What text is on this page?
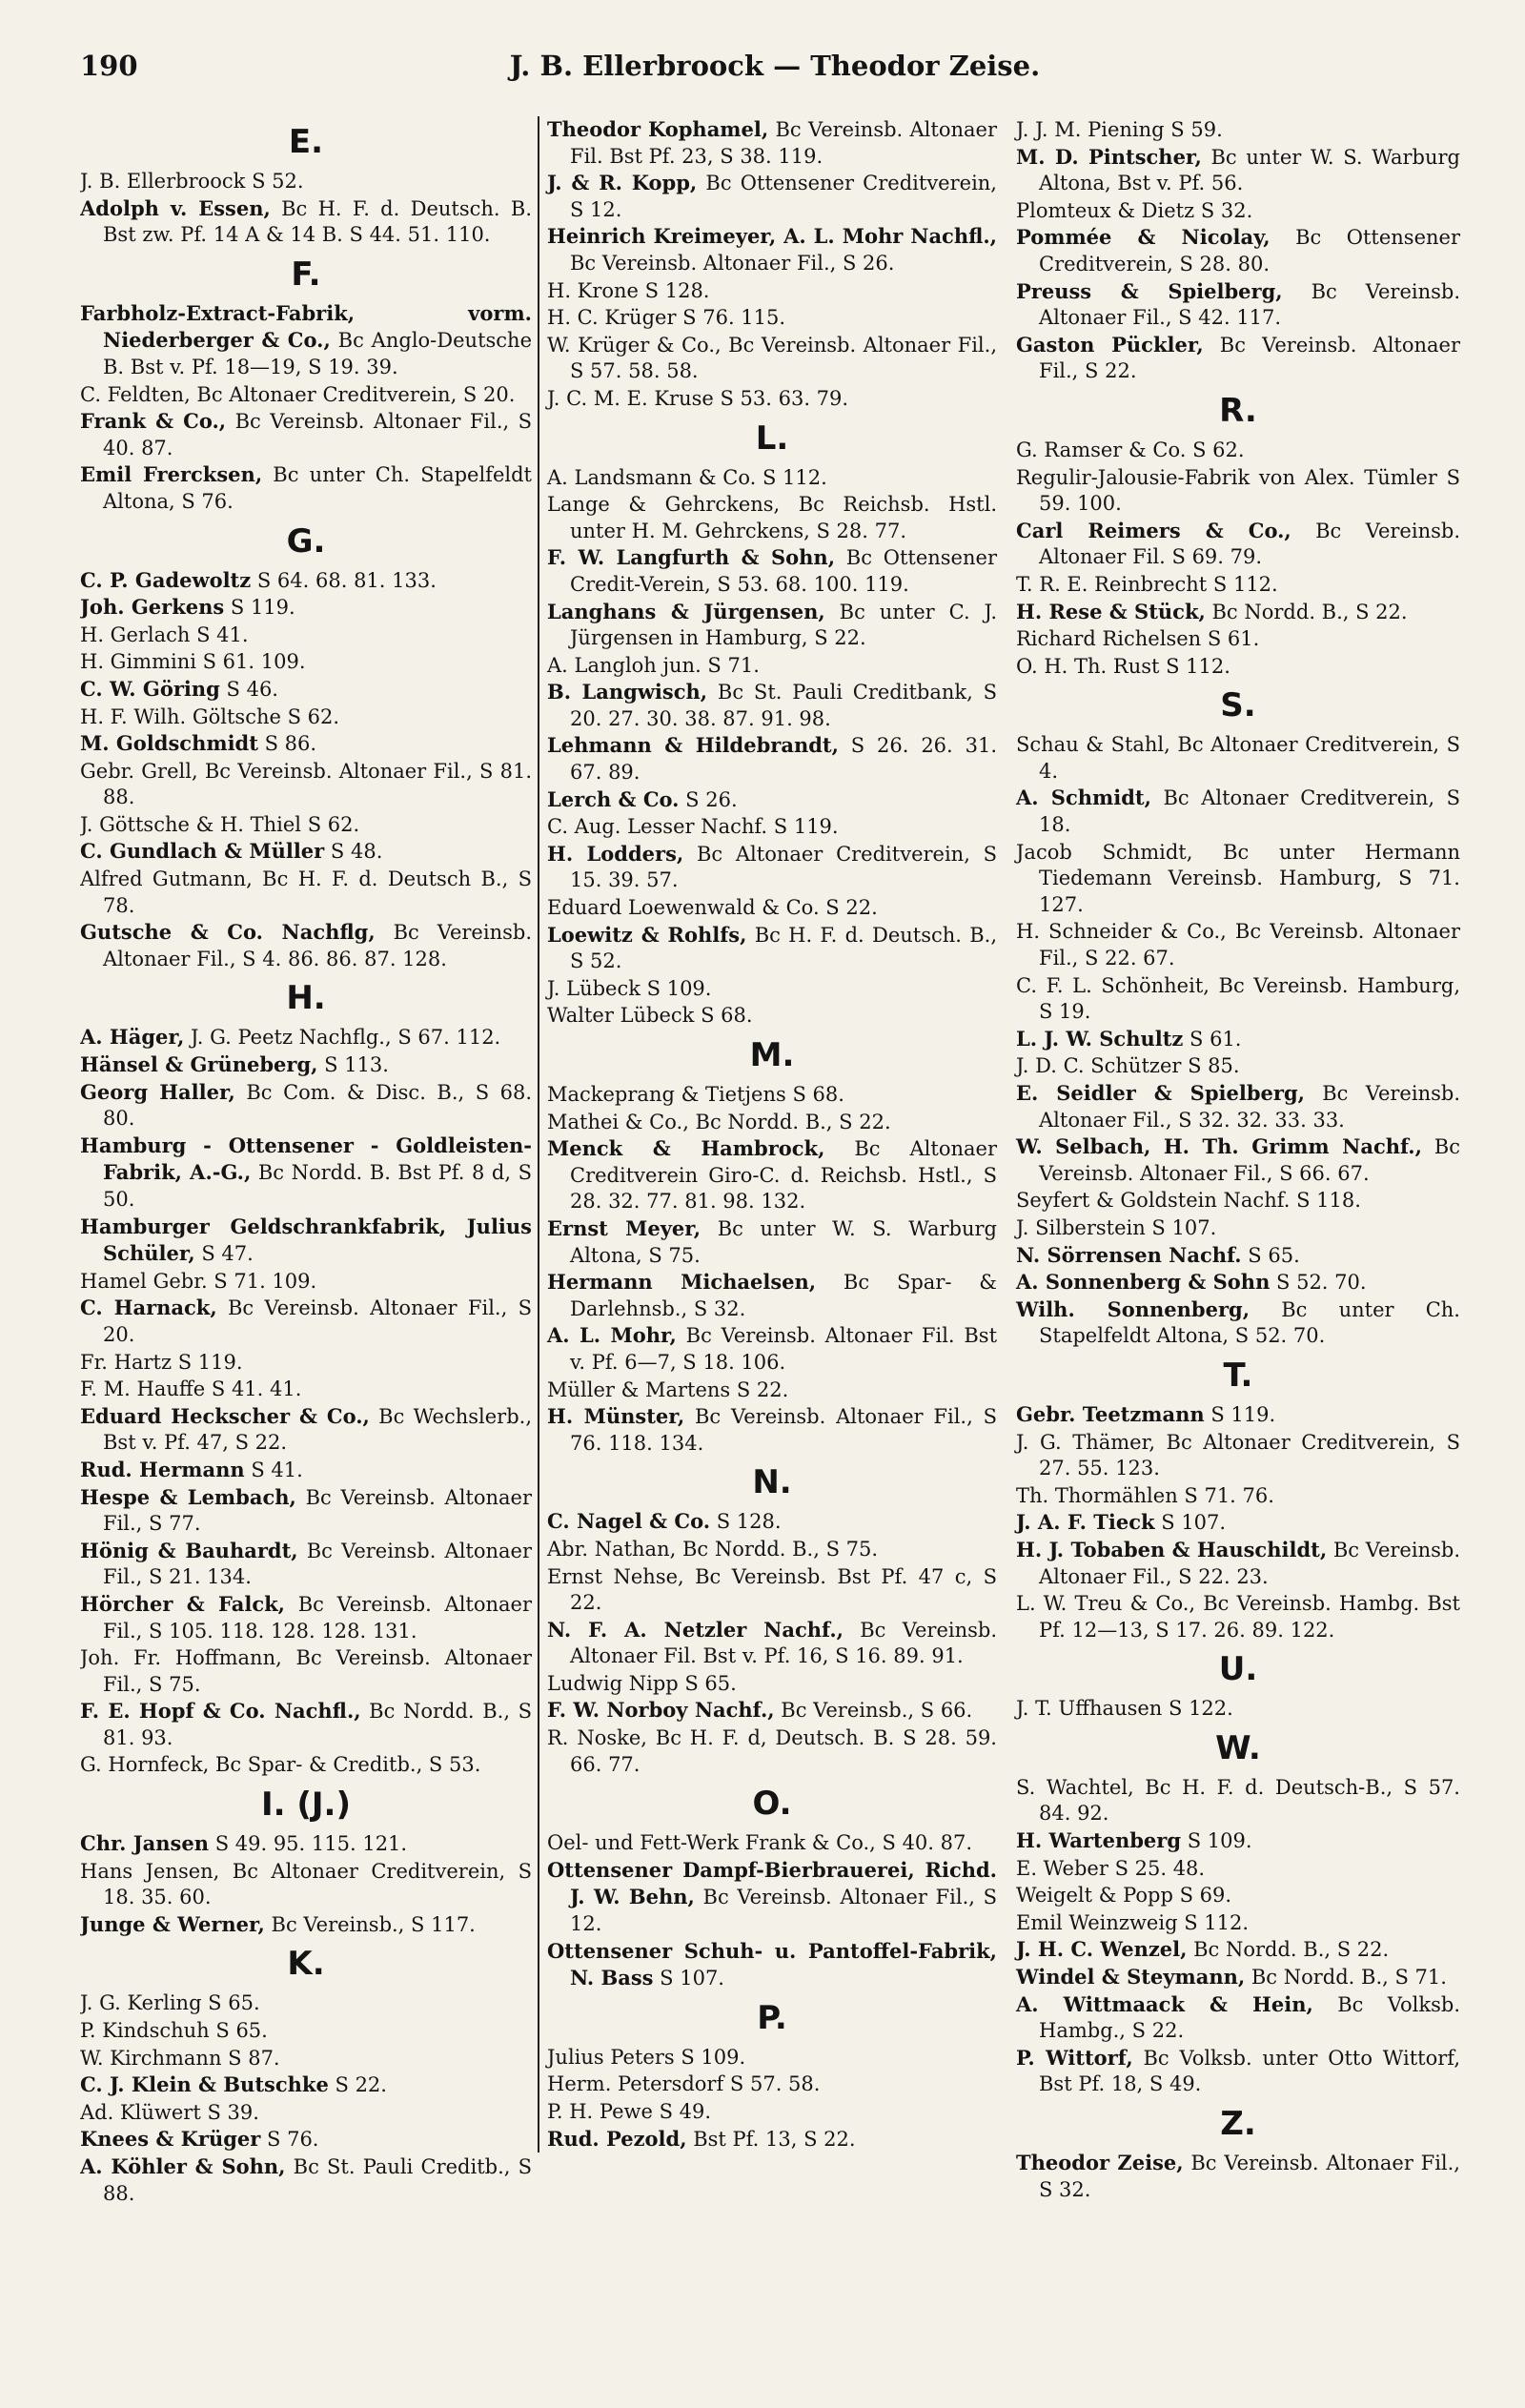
190	J. B. Ellerbroock — Theodor Zeise.
E.
J. B. Ellerbroock S 52.
Adolph v. Essen, Bc H. F. d. Deutsch. B. Bst zw. Pf. 14 A & 14 B. S 44. 51. 110.
F.
Farbholz-Extract-Fabrik, vorm. Niederberger & Co., Bc Anglo-Deutsche B. Bst v. Pf. 18—19, S 19. 39.
C. Feldten, Bc Altonaer Creditverein, S 20.
Frank & Co., Bc Vereinsb. Altonaer Fil., S 40. 87.
Emil Frercksen, Bc unter Ch. Stapelfeldt Altona, S 76.
G.
C. P. Gadewoltz S 64. 68. 81. 133.
Joh. Gerkens S 119.
H. Gerlach S 41.
H. Gimmini S 61. 109.
C. W. Göring S 46.
H. F. Wilh. Göltsche S 62.
M. Goldschmidt S 86.
Gebr. Grell, Bc Vereinsb. Altonaer Fil., S 81. 88.
J. Göttsche & H. Thiel S 62.
C. Gundlach & Müller S 48.
Alfred Gutmann, Bc H. F. d. Deutsch B., S 78.
Gutsche & Co. Nachflg, Bc Vereinsb. Altonaer Fil., S 4. 86. 86. 87. 128.
H.
A. Häger, J. G. Peetz Nachflg., S 67. 112.
Hänsel & Grüneberg, S 113.
Georg Haller, Bc Com. & Disc. B., S 68. 80.
Hamburg - Ottensener - Goldleisten-Fabrik, A.-G., Bc Nordd. B. Bst Pf. 8 d, S 50.
Hamburger Geldschrankfabrik, Julius Schüler, S 47.
Hamel Gebr. S 71. 109.
C. Harnack, Bc Vereinsb. Altonaer Fil., S 20.
Fr. Hartz S 119.
F. M. Hauffe S 41. 41.
Eduard Heckscher & Co., Bc Wechslerb., Bst v. Pf. 47, S 22.
Rud. Hermann S 41.
Hespe & Lembach, Bc Vereinsb. Altonaer Fil., S 77.
Hönig & Bauhardt, Bc Vereinsb. Altonaer Fil., S 21. 134.
Hörcher & Falck, Bc Vereinsb. Altonaer Fil., S 105. 118. 128. 128. 131.
Joh. Fr. Hoffmann, Bc Vereinsb. Altonaer Fil., S 75.
F. E. Hopf & Co. Nachfl., Bc Nordd. B., S 81. 93.
G. Hornfeck, Bc Spar- & Creditb., S 53.
I. (J.)
Chr. Jansen S 49. 95. 115. 121.
Hans Jensen, Bc Altonaer Creditverein, S 18. 35. 60.
Junge & Werner, Bc Vereinsb., S 117.
K.
J. G. Kerling S 65.
P. Kindschuh S 65.
W. Kirchmann S 87.
C. J. Klein & Butschke S 22.
Ad. Klüwert S 39.
Knees & Krüger S 76.
A. Köhler & Sohn, Bc St. Pauli Creditb., S 88.
Theodor Kophamel, Bc Vereinsb. Altonaer Fil. Bst Pf. 23, S 38. 119.
J. & R. Kopp, Bc Ottensener Creditverein, S 12.
Heinrich Kreimeyer, A. L. Mohr Nachfl., Bc Vereinsb. Altonaer Fil., S 26.
H. Krone S 128.
H. C. Krüger S 76. 115.
W. Krüger & Co., Bc Vereinsb. Altonaer Fil., S 57. 58. 58.
J. C. M. E. Kruse S 53. 63. 79.
L.
A. Landsmann & Co. S 112.
Lange & Gehrckens, Bc Reichsb. Hstl. unter H. M. Gehrckens, S 28. 77.
F. W. Langfurth & Sohn, Bc Ottensener Credit-Verein, S 53. 68. 100. 119.
Langhans & Jürgensen, Bc unter C. J. Jürgensen in Hamburg, S 22.
A. Langloh jun. S 71.
B. Langwisch, Bc St. Pauli Creditbank, S 20. 27. 30. 38. 87. 91. 98.
Lehmann & Hildebrandt, S 26. 26. 31. 67. 89.
Lerch & Co. S 26.
C. Aug. Lesser Nachf. S 119.
H. Lodders, Bc Altonaer Creditverein, S 15. 39. 57.
Eduard Loewenwald & Co. S 22.
Loewitz & Rohlfs, Bc H. F. d. Deutsch. B., S 52.
J. Lübeck S 109.
Walter Lübeck S 68.
M.
Mackeprang & Tietjens S 68.
Mathei & Co., Bc Nordd. B., S 22.
Menck & Hambrock, Bc Altonaer Creditverein Giro-C. d. Reichsb. Hstl., S 28. 32. 77. 81. 98. 132.
Ernst Meyer, Bc unter W. S. Warburg Altona, S 75.
Hermann Michaelsen, Bc Spar- & Darlehnsb., S 32.
A. L. Mohr, Bc Vereinsb. Altonaer Fil. Bst v. Pf. 6—7, S 18. 106.
Müller & Martens S 22.
H. Münster, Bc Vereinsb. Altonaer Fil., S 76. 118. 134.
N.
C. Nagel & Co. S 128.
Abr. Nathan, Bc Nordd. B., S 75.
Ernst Nehse, Bc Vereinsb. Bst Pf. 47 c, S 22.
N. F. A. Netzler Nachf., Bc Vereinsb. Altonaer Fil. Bst v. Pf. 16, S 16. 89. 91.
Ludwig Nipp S 65.
F. W. Norboy Nachf., Bc Vereinsb., S 66.
R. Noske, Bc H. F. d, Deutsch. B. S 28. 59. 66. 77.
O.
Oel- und Fett-Werk Frank & Co., S 40. 87.
Ottensener Dampf-Bierbrauerei, Richd. J. W. Behn, Bc Vereinsb. Altonaer Fil., S 12.
Ottensener Schuh- u. Pantoffel-Fabrik, N. Bass S 107.
P.
Julius Peters S 109.
Herm. Petersdorf S 57. 58.
P. H. Pewe S 49.
Rud. Pezold, Bst Pf. 13, S 22.
J. J. M. Piening S 59.
M. D. Pintscher, Bc unter W. S. Warburg Altona, Bst v. Pf. 56.
Plomteux & Dietz S 32.
Pommée & Nicolay, Bc Ottensener Creditverein, S 28. 80.
Preuss & Spielberg, Bc Vereinsb. Altonaer Fil., S 42. 117.
Gaston Pückler, Bc Vereinsb. Altonaer Fil., S 22.
R.
G. Ramser & Co. S 62.
Regulir-Jalousie-Fabrik von Alex. Tümler S 59. 100.
Carl Reimers & Co., Bc Vereinsb. Altonaer Fil. S 69. 79.
T. R. E. Reinbrecht S 112.
H. Rese & Stück, Bc Nordd. B., S 22.
Richard Richelsen S 61.
O. H. Th. Rust S 112.
S.
Schau & Stahl, Bc Altonaer Creditverein, S 4.
A. Schmidt, Bc Altonaer Creditverein, S 18.
Jacob Schmidt, Bc unter Hermann Tiedemann Vereinsb. Hamburg, S 71. 127.
H. Schneider & Co., Bc Vereinsb. Altonaer Fil., S 22. 67.
C. F. L. Schönheit, Bc Vereinsb. Hamburg, S 19.
L. J. W. Schultz S 61.
J. D. C. Schützer S 85.
E. Seidler & Spielberg, Bc Vereinsb. Altonaer Fil., S 32. 32. 33. 33.
W. Selbach, H. Th. Grimm Nachf., Bc Vereinsb. Altonaer Fil., S 66. 67.
Seyfert & Goldstein Nachf. S 118.
J. Silberstein S 107.
N. Sörrensen Nachf. S 65.
A. Sonnenberg & Sohn S 52. 70.
Wilh. Sonnenberg, Bc unter Ch. Stapelfeldt Altona, S 52. 70.
T.
Gebr. Teetzmann S 119.
J. G. Thämer, Bc Altonaer Creditverein, S 27. 55. 123.
Th. Thormählen S 71. 76.
J. A. F. Tieck S 107.
H. J. Tobaben & Hauschildt, Bc Vereinsb. Altonaer Fil., S 22. 23.
L. W. Treu & Co., Bc Vereinsb. Hambg. Bst Pf. 12—13, S 17. 26. 89. 122.
U.
J. T. Uffhausen S 122.
W.
S. Wachtel, Bc H. F. d. Deutsch-B., S 57. 84. 92.
H. Wartenberg S 109.
E. Weber S 25. 48.
Weigelt & Popp S 69.
Emil Weinzweig S 112.
J. H. C. Wenzel, Bc Nordd. B., S 22.
Windel & Steymann, Bc Nordd. B., S 71.
A. Wittmaack & Hein, Bc Volksb. Hambg., S 22.
P. Wittorf, Bc Volksb. unter Otto Wittorf, Bst Pf. 18, S 49.
Z.
Theodor Zeise, Bc Vereinsb. Altonaer Fil., S 32.
